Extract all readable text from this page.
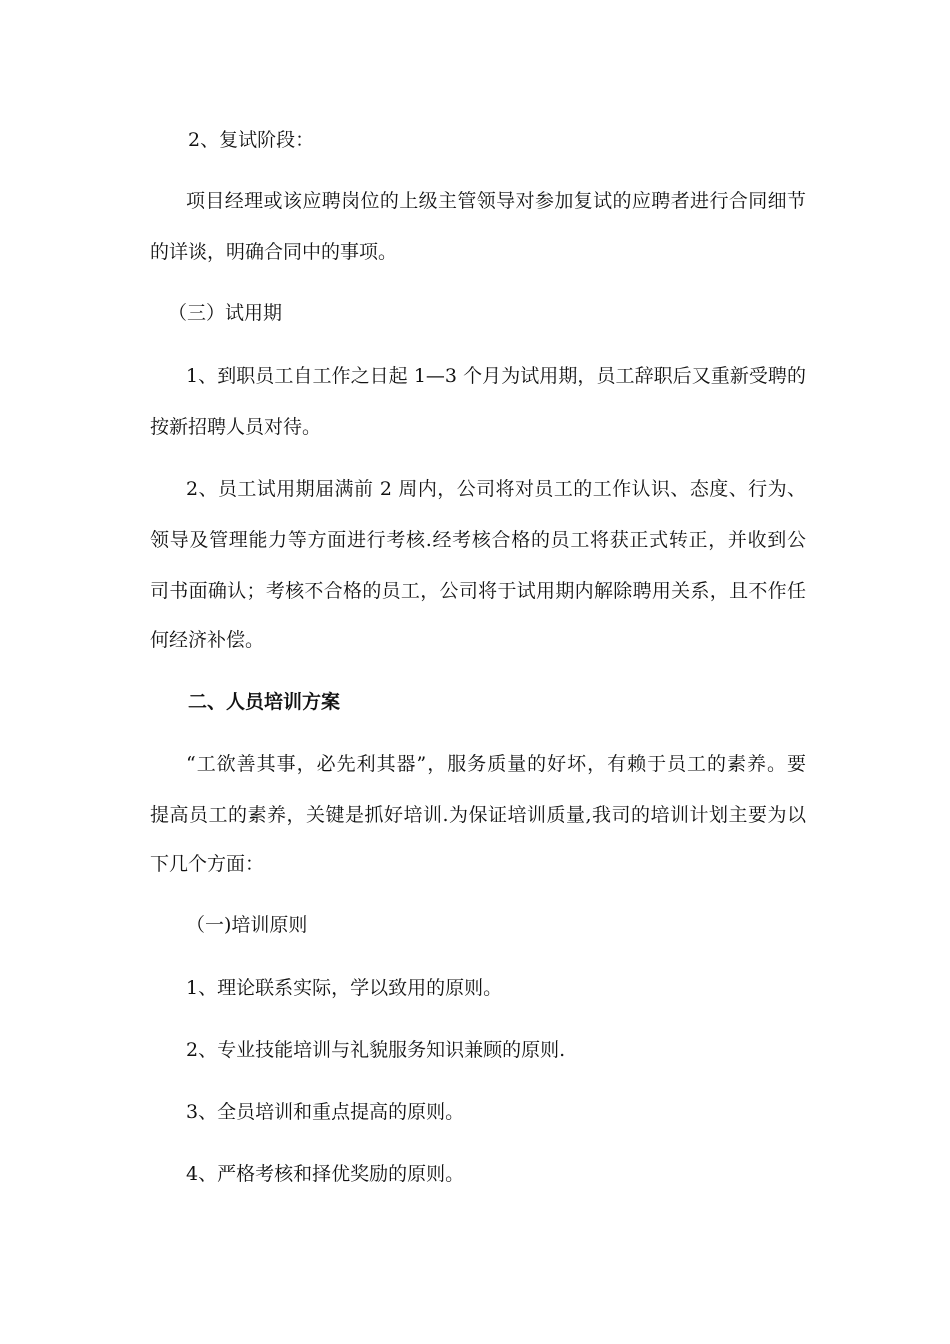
2、复试阶段：
项目经理或该应聘岗位的上级主管领导对参加复试的应聘者进行合同细节
的详谈，明确合同中的事项。
（三）试用期
1、到职员工自工作之日起 1—3 个月为试用期，员工辞职后又重新受聘的
按新招聘人员对待。
2、员工试用期届满前 2 周内，公司将对员工的工作认识、态度、行为、
领导及管理能力等方面进行考核.经考核合格的员工将获正式转正，并收到公
司书面确认；考核不合格的员工，公司将于试用期内解除聘用关系，且不作任
何经济补偿。
二、人员培训方案
“工欲善其事，必先利其器”，服务质量的好坏，有赖于员工的素养。要
提高员工的素养，关键是抓好培训.为保证培训质量,我司的培训计划主要为以
下几个方面：
（一)培训原则
1、理论联系实际，学以致用的原则。
2、专业技能培训与礼貌服务知识兼顾的原则.
3、全员培训和重点提高的原则。
4、严格考核和择优奖励的原则。
